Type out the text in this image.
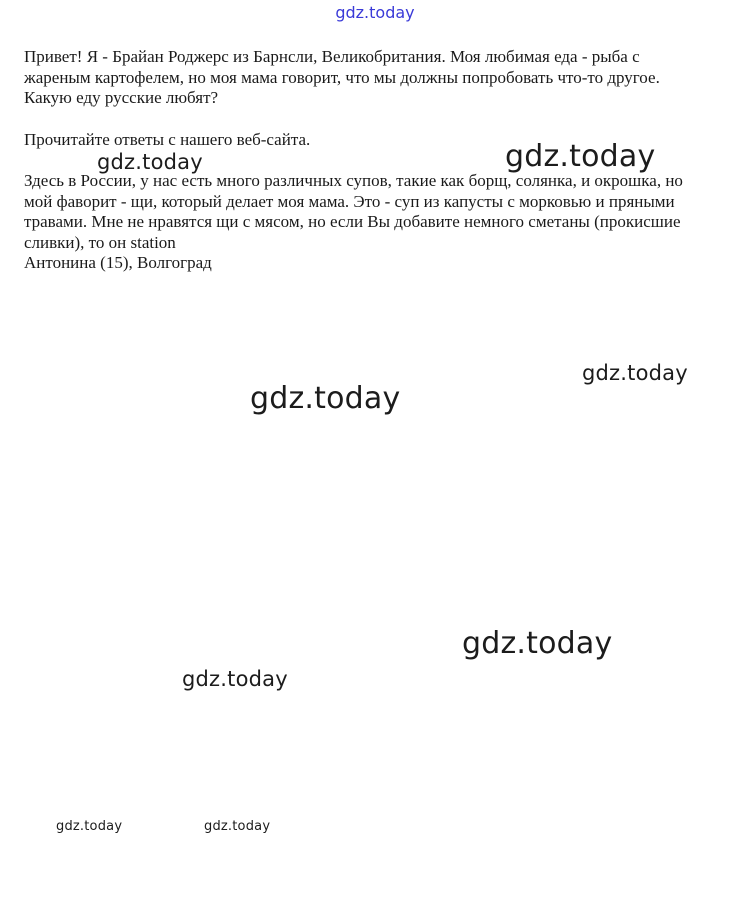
gdz.today
Привет! Я - Брайан Роджерс из Барнсли, Великобритания. Моя любимая еда - рыба с
жареным картофелем, но моя мама говорит, что мы должны попробовать что-то другое.
Какую еду русские любят?
Прочитайте ответы с нашего веб-сайта.
Здесь в России, у нас есть много различных супов, такие как борщ, солянка, и окрошка, но
мой фаворит - щи, который делает моя мама. Это - суп из капусты с морковью и пряными
травами. Мне не нравятся щи с мясом, но если Вы добавите немного сметаны (прокисшие
сливки), то он station
Антонина (15), Волгоград
gdz.today	gdz.today
gdz.today
gdz.today
gdz.today
gdz.today
gdz.today	gdz.today
